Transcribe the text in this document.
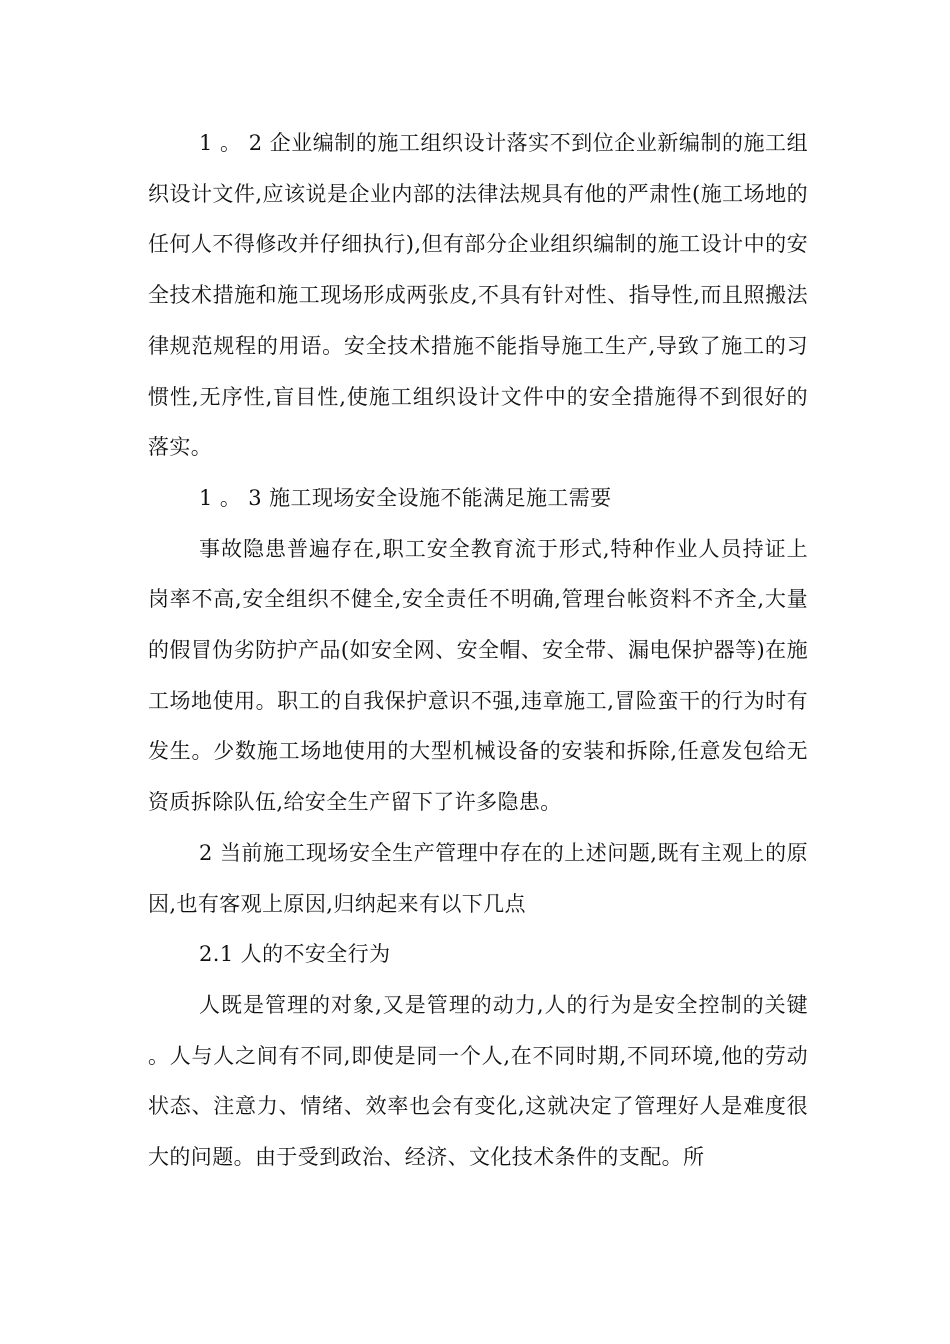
1 。 2 企业编制的施工组织设计落实不到位企业新编制的施工组织设计文件,应该说是企业内部的法律法规具有他的严肃性(施工场地的任何人不得修改并仔细执行),但有部分企业组织编制的施工设计中的安全技术措施和施工现场形成两张皮,不具有针对性、指导性,而且照搬法律规范规程的用语。安全技术措施不能指导施工生产,导致了施工的习惯性,无序性,盲目性,使施工组织设计文件中的安全措施得不到很好的落实。

1 。 3 施工现场安全设施不能满足施工需要

事故隐患普遍存在,职工安全教育流于形式,特种作业人员持证上岗率不高,安全组织不健全,安全责任不明确,管理台帐资料不齐全,大量的假冒伪劣防护产品(如安全网、安全帽、安全带、漏电保护器等)在施工场地使用。职工的自我保护意识不强,违章施工,冒险蛮干的行为时有发生。少数施工场地使用的大型机械设备的安装和拆除,任意发包给无资质拆除队伍,给安全生产留下了许多隐患。

2 当前施工现场安全生产管理中存在的上述问题,既有主观上的原因,也有客观上原因,归纳起来有以下几点

2.1 人的不安全行为

人既是管理的对象,又是管理的动力,人的行为是安全控制的关键。人与人之间有不同,即使是同一个人,在不同时期,不同环境,他的劳动状态、注意力、情绪、效率也会有变化,这就决定了管理好人是难度很大的问题。由于受到政治、经济、文化技术条件的支配。所
